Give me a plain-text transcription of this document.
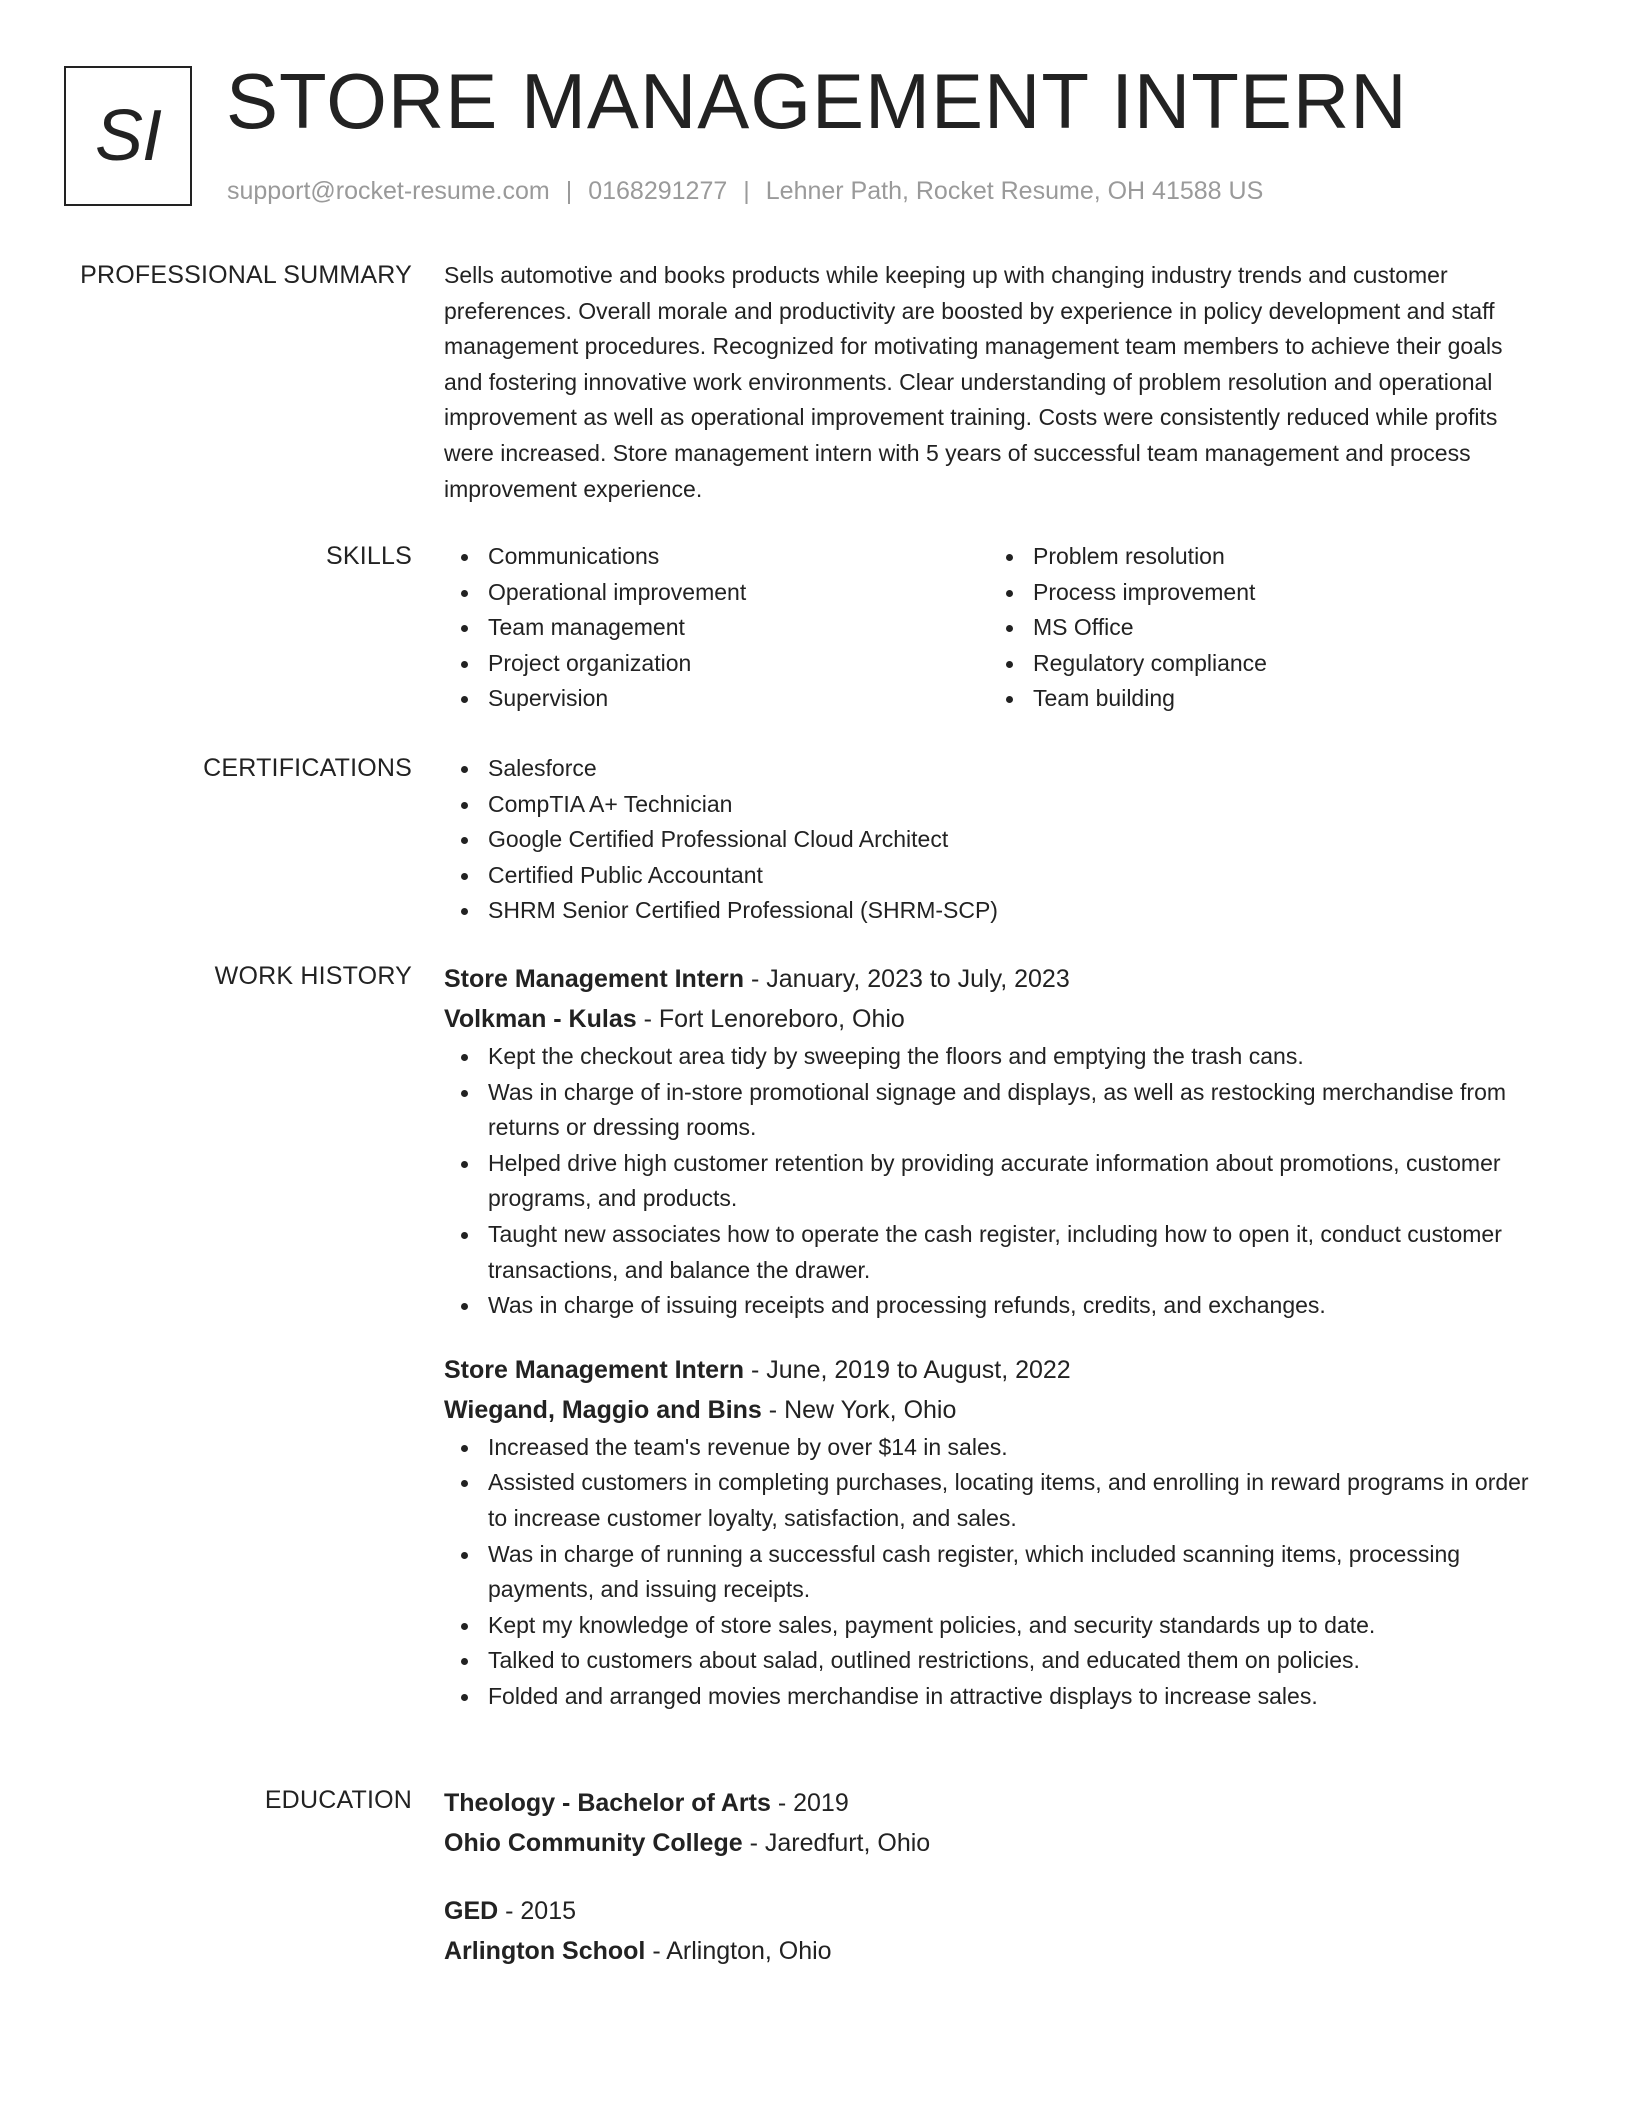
SI STORE MANAGEMENT INTERN
support@rocket-resume.com | 0168291277 | Lehner Path, Rocket Resume, OH 41588 US
PROFESSIONAL SUMMARY Sells automotive and books products while keeping up with changing industry trends and customer preferences. Overall morale and productivity are boosted by experience in policy development and staff management procedures. Recognized for motivating management team members to achieve their goals and fostering innovative work environments. Clear understanding of problem resolution and operational improvement as well as operational improvement training. Costs were consistently reduced while profits were increased. Store management intern with 5 years of successful team management and process improvement experience.

SKILLS	Communications
Operational improvement
Team management
Project organization
Supervision
Problem resolution
Process improvement
MS Office
Regulatory compliance
Team building
CERTIFICATIONS	Salesforce
CompTIA A+ Technician
Google Certified Professional Cloud Architect
Certified Public Accountant
SHRM Senior Certified Professional (SHRM-SCP)
WORK HISTORY Store Management Intern - January, 2023 to July, 2023
Volkman - Kulas - Fort Lenoreboro, Ohio
Kept the checkout area tidy by sweeping the floors and emptying the trash cans.
Was in charge of in-store promotional signage and displays, as well as restocking merchandise from returns or dressing rooms.
Helped drive high customer retention by providing accurate information about promotions, customer programs, and products.
Taught new associates how to operate the cash register, including how to open it, conduct customer transactions, and balance the drawer.
Was in charge of issuing receipts and processing refunds, credits, and exchanges.
Store Management Intern - June, 2019 to August, 2022
Wiegand, Maggio and Bins - New York, Ohio
Increased the team's revenue by over $14 in sales.
Assisted customers in completing purchases, locating items, and enrolling in reward programs in order to increase customer loyalty, satisfaction, and sales.
Was in charge of running a successful cash register, which included scanning items, processing payments, and issuing receipts.
Kept my knowledge of store sales, payment policies, and security standards up to date.
Talked to customers about salad, outlined restrictions, and educated them on policies.
Folded and arranged movies merchandise in attractive displays to increase sales.
EDUCATION Theology - Bachelor of Arts - 2019
Ohio Community College - Jaredfurt, Ohio
GED - 2015
Arlington School - Arlington, Ohio
